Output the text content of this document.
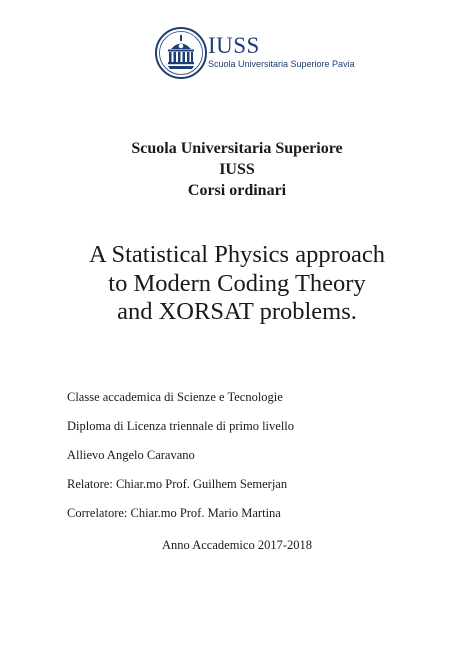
IUSS
Scuola Universitaria Superiore Pavia
Scuola Universitaria Superiore
IUSS
Corsi ordinari
A Statistical Physics approach
to Modern Coding Theory
and XORSAT problems.
Classe accademica di Scienze e Tecnologie
Diploma di Licenza triennale di primo livello
Allievo Angelo Caravano
Relatore: Chiar.mo Prof. Guilhem Semerjan
Correlatore: Chiar.mo Prof. Mario Martina
Anno Accademico 2017-2018
